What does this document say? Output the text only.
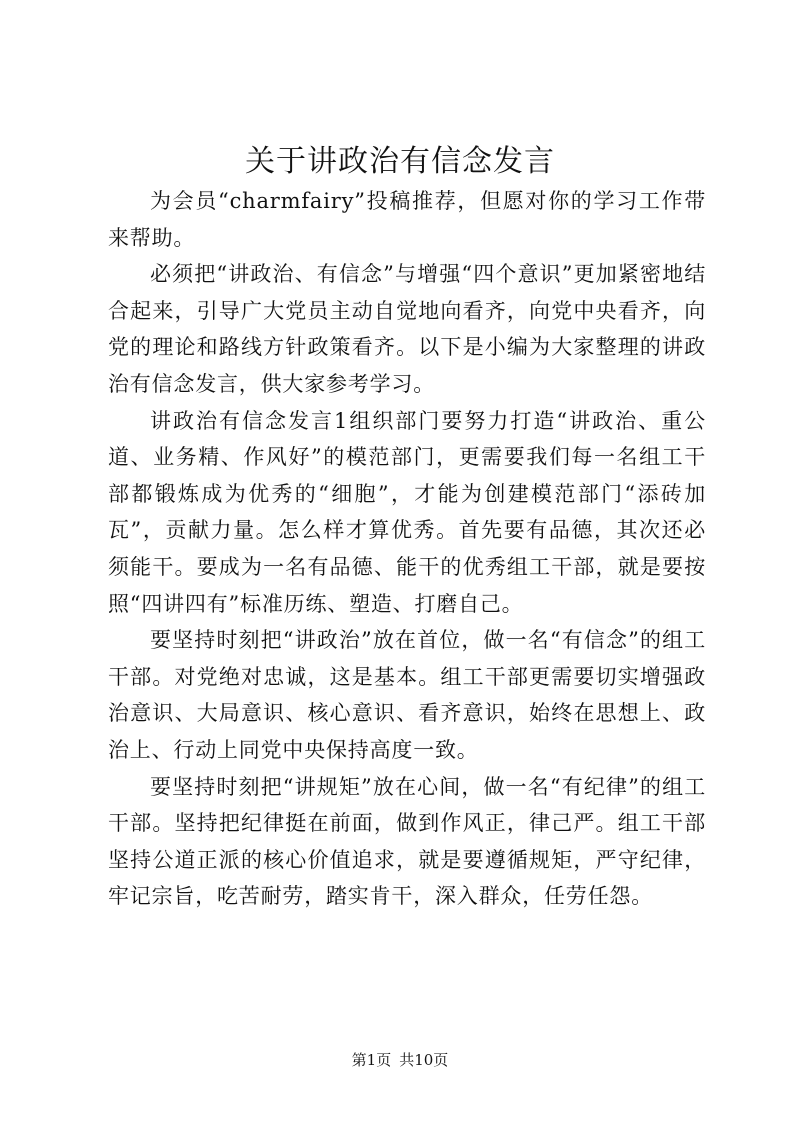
关于讲政治有信念发言

为会员“charmfairy”投稿推荐，但愿对你的学习工作带来帮助。

必须把“讲政治、有信念”与增强“四个意识”更加紧密地结合起来，引导广大党员主动自觉地向看齐，向党中央看齐，向党的理论和路线方针政策看齐。以下是小编为大家整理的讲政治有信念发言，供大家参考学习。

讲政治有信念发言1组织部门要努力打造“讲政治、重公道、业务精、作风好”的模范部门，更需要我们每一名组工干部都锻炼成为优秀的“细胞”，才能为创建模范部门“添砖加瓦”，贡献力量。怎么样才算优秀。首先要有品德，其次还必须能干。要成为一名有品德、能干的优秀组工干部，就是要按照“四讲四有”标准历练、塑造、打磨自己。

要坚持时刻把“讲政治”放在首位，做一名“有信念”的组工干部。对党绝对忠诚，这是基本。组工干部更需要切实增强政治意识、大局意识、核心意识、看齐意识，始终在思想上、政治上、行动上同党中央保持高度一致。

要坚持时刻把“讲规矩”放在心间，做一名“有纪律”的组工干部。坚持把纪律挺在前面，做到作风正，律己严。组工干部坚持公道正派的核心价值追求，就是要遵循规矩，严守纪律，牢记宗旨，吃苦耐劳，踏实肯干，深入群众，任劳任怨。

第1页 共10页
